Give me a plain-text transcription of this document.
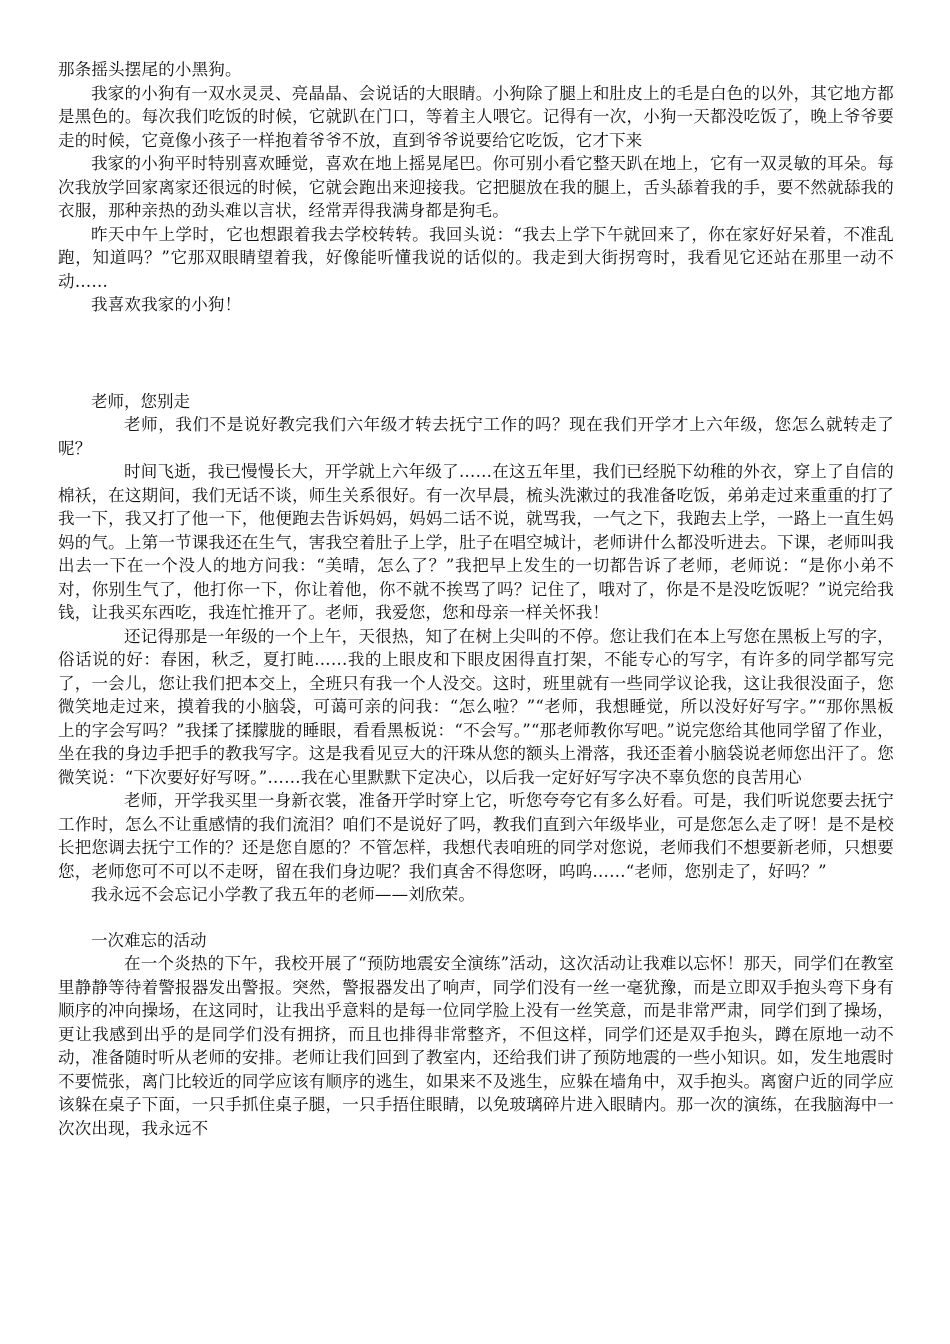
那条摇头摆尾的小黑狗。

我家的小狗有一双水灵灵、亮晶晶、会说话的大眼睛。小狗除了腿上和肚皮上的毛是白色的以外，其它地方都是黑色的。每次我们吃饭的时候，它就趴在门口，等着主人喂它。记得有一次，小狗一天都没吃饭了，晚上爷爷要走的时候，它竟像小孩子一样抱着爷爷不放，直到爷爷说要给它吃饭，它才下来

我家的小狗平时特别喜欢睡觉，喜欢在地上摇晃尾巴。你可别小看它整天趴在地上，它有一双灵敏的耳朵。每次我放学回家离家还很远的时候，它就会跑出来迎接我。它把腿放在我的腿上，舌头舔着我的手，要不然就舔我的衣服，那种亲热的劲头难以言状，经常弄得我满身都是狗毛。

昨天中午上学时，它也想跟着我去学校转转。我回头说：“我去上学下午就回来了，你在家好好呆着，不准乱跑，知道吗？”它那双眼睛望着我，好像能听懂我说的话似的。我走到大街拐弯时，我看见它还站在那里一动不动……

我喜欢我家的小狗！

老师，您别走

老师，我们不是说好教完我们六年级才转去抚宁工作的吗？现在我们开学才上六年级，您怎么就转走了呢？

时间飞逝，我已慢慢长大，开学就上六年级了……在这五年里，我们已经脱下幼稚的外衣，穿上了自信的棉袄，在这期间，我们无话不谈，师生关系很好。有一次早晨，梳头洗漱过的我准备吃饭，弟弟走过来重重的打了我一下，我又打了他一下，他便跑去告诉妈妈，妈妈二话不说，就骂我，一气之下，我跑去上学，一路上一直生妈妈的气。上第一节课我还在生气，害我空着肚子上学，肚子在唱空城计，老师讲什么都没听进去。下课，老师叫我出去一下在一个没人的地方问我：“美晴，怎么了？”我把早上发生的一切都告诉了老师，老师说：“是你小弟不对，你别生气了，他打你一下，你让着他，你不就不挨骂了吗？记住了，哦对了，你是不是没吃饭呢？”说完给我钱，让我买东西吃，我连忙推开了。老师，我爱您，您和母亲一样关怀我！

还记得那是一年级的一个上午，天很热，知了在树上尖叫的不停。您让我们在本上写您在黑板上写的字，俗话说的好：春困，秋乏，夏打盹……我的上眼皮和下眼皮困得直打架，不能专心的写字，有许多的同学都写完了，一会儿，您让我们把本交上，全班只有我一个人没交。这时，班里就有一些同学议论我，这让我很没面子，您微笑地走过来，摸着我的小脑袋，可蔼可亲的问我：“怎么啦？”“老师，我想睡觉，所以没好好写字。”“那你黑板上的字会写吗？”我揉了揉朦胧的睡眼，看看黑板说：“不会写。”“那老师教你写吧。”说完您给其他同学留了作业，坐在我的身边手把手的教我写字。这是我看见豆大的汗珠从您的额头上滑落，我还歪着小脑袋说老师您出汗了。您微笑说：“下次要好好写呀。”……我在心里默默下定决心，以后我一定好好写字决不辜负您的良苦用心

老师，开学我买里一身新衣裳，准备开学时穿上它，听您夸夸它有多么好看。可是，我们听说您要去抚宁工作时，怎么不让重感情的我们流泪？咱们不是说好了吗，教我们直到六年级毕业，可是您怎么走了呀！是不是校长把您调去抚宁工作的？还是您自愿的？不管怎样，我想代表咱班的同学对您说，老师我们不想要新老师，只想要您，老师您可不可以不走呀，留在我们身边呢？我们真舍不得您呀，呜呜……“老师，您别走了，好吗？”

我永远不会忘记小学教了我五年的老师——刘欣荣。

一次难忘的活动

在一个炎热的下午，我校开展了“预防地震安全演练”活动，这次活动让我难以忘怀！那天，同学们在教室里静静等待着警报器发出警报。突然，警报器发出了响声，同学们没有一丝一毫犹豫，而是立即双手抱头弯下身有顺序的冲向操场，在这同时，让我出乎意料的是每一位同学脸上没有一丝笑意，而是非常严肃，同学们到了操场，更让我感到出乎的是同学们没有拥挤，而且也排得非常整齐，不但这样，同学们还是双手抱头，蹲在原地一动不动，准备随时听从老师的安排。老师让我们回到了教室内，还给我们讲了预防地震的一些小知识。如，发生地震时不要慌张，离门比较近的同学应该有顺序的逃生，如果来不及逃生，应躲在墙角中，双手抱头。离窗户近的同学应该躲在桌子下面，一只手抓住桌子腿，一只手捂住眼睛，以免玻璃碎片进入眼睛内。那一次的演练，在我脑海中一次次出现，我永远不
